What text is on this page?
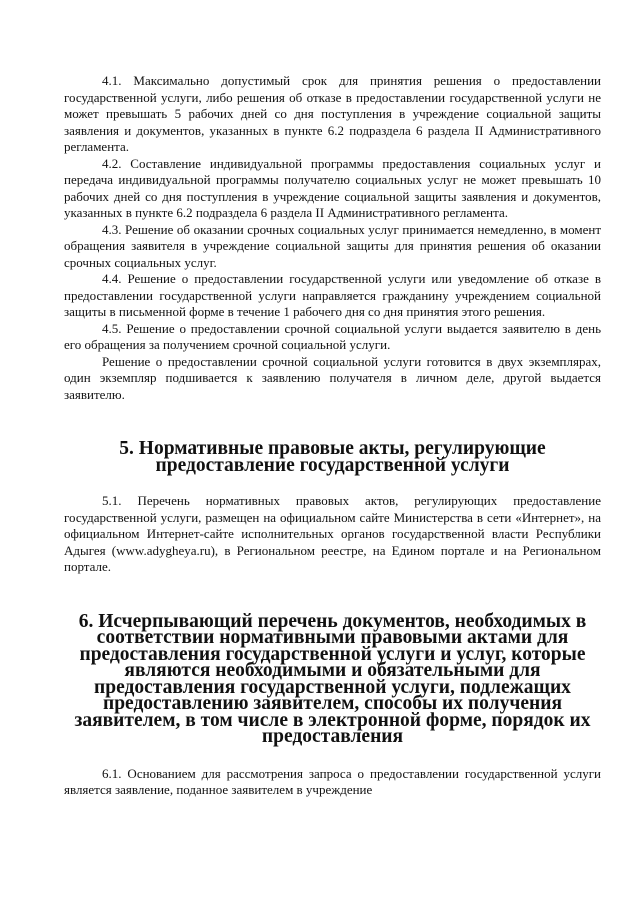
4.1. Максимально допустимый срок для принятия решения о предоставлении государственной услуги, либо решения об отказе в предоставлении государственной услуги не может превышать 5 рабочих дней со дня поступления в учреждение социальной защиты заявления и документов, указанных в пункте 6.2 подраздела 6 раздела II Административного регламента.

4.2. Составление индивидуальной программы предоставления социальных услуг и передача индивидуальной программы получателю социальных услуг не может превышать 10 рабочих дней со дня поступления в учреждение социальной защиты заявления и документов, указанных в пункте 6.2 подраздела 6 раздела II Административного регламента.

4.3. Решение об оказании срочных социальных услуг принимается немедленно, в момент обращения заявителя в учреждение социальной защиты для принятия решения об оказании срочных социальных услуг.

4.4. Решение о предоставлении государственной услуги или уведомление об отказе в предоставлении государственной услуги направляется гражданину учреждением социальной защиты в письменной форме в течение 1 рабочего дня со дня принятия этого решения.

4.5. Решение о предоставлении срочной социальной услуги выдается заявителю в день его обращения за получением срочной социальной услуги.

Решение о предоставлении срочной социальной услуги готовится в двух экземплярах, один экземпляр подшивается к заявлению получателя в личном деле, другой выдается заявителю.

5. Нормативные правовые акты, регулирующие предоставление государственной услуги

5.1. Перечень нормативных правовых актов, регулирующих предоставление государственной услуги, размещен на официальном сайте Министерства в сети «Интернет», на официальном Интернет-сайте исполнительных органов государственной власти Республики Адыгея (www.adygheya.ru), в Региональном реестре, на Едином портале и на Региональном портале.

6. Исчерпывающий перечень документов, необходимых в соответствии нормативными правовыми актами для предоставления государственной услуги и услуг, которые являются необходимыми и обязательными для предоставления государственной услуги, подлежащих предоставлению заявителем, способы их получения заявителем, в том числе в электронной форме, порядок их предоставления

6.1. Основанием для рассмотрения запроса о предоставлении государственной услуги является заявление, поданное заявителем в учреждение
